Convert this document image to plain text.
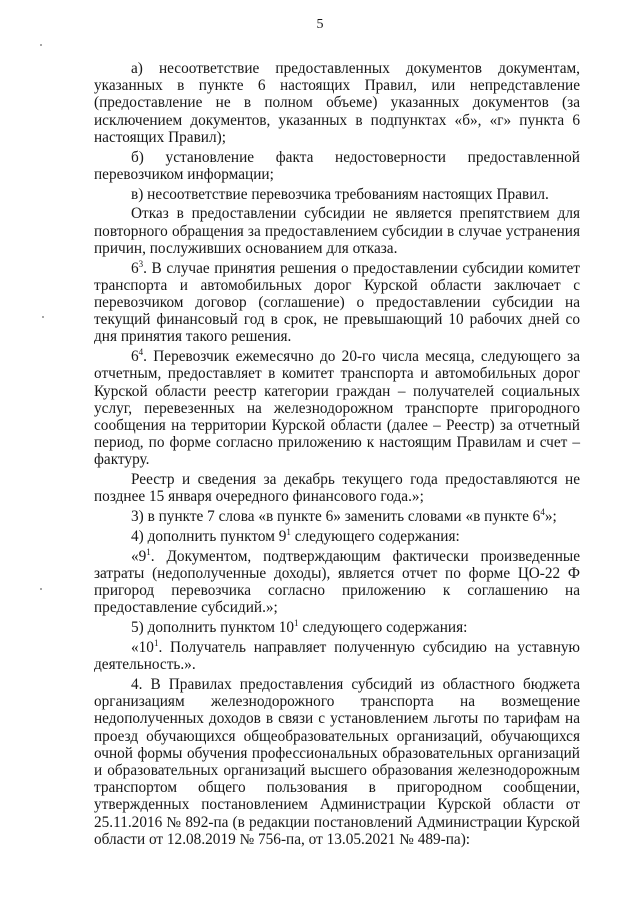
5

а) несоответствие предоставленных документов документам, указанных в пункте 6 настоящих Правил, или непредставление (предоставление не в полном объеме) указанных документов (за исключением документов, указанных в подпунктах «б», «г» пункта 6 настоящих Правил);

б) установление факта недостоверности предоставленной перевозчиком информации;

в) несоответствие перевозчика требованиям настоящих Правил.

Отказ в предоставлении субсидии не является препятствием для повторного обращения за предоставлением субсидии в случае устранения причин, послуживших основанием для отказа.

$6^3$. В случае принятия решения о предоставлении субсидии комитет транспорта и автомобильных дорог Курской области заключает с перевозчиком договор (соглашение) о предоставлении субсидии на текущий финансовый год в срок, не превышающий 10 рабочих дней со дня принятия такого решения.

$6^4$. Перевозчик ежемесячно до 20-го числа месяца, следующего за отчетным, предоставляет в комитет транспорта и автомобильных дорог Курской области реестр категории граждан – получателей социальных услуг, перевезенных на железнодорожном транспорте пригородного сообщения на территории Курской области (далее – Реестр) за отчетный период, по форме согласно приложению к настоящим Правилам и счет – фактуру.

Реестр и сведения за декабрь текущего года предоставляются не позднее 15 января очередного финансового года.»;

3) в пункте 7 слова «в пункте 6» заменить словами «в пункте $6^4$»;

4) дополнить пунктом $9^1$ следующего содержания:

«$9^1$. Документом, подтверждающим фактически произведенные затраты (недополученные доходы), является отчет по форме ЦО-22 Ф пригород перевозчика согласно приложению к соглашению на предоставление субсидий.»;

5) дополнить пунктом $10^1$ следующего содержания:

«$10^1$. Получатель направляет полученную субсидию на уставную деятельность.».

4. В Правилах предоставления субсидий из областного бюджета организациям железнодорожного транспорта на возмещение недополученных доходов в связи с установлением льготы по тарифам на проезд обучающихся общеобразовательных организаций, обучающихся очной формы обучения профессиональных образовательных организаций и образовательных организаций высшего образования железнодорожным транспортом общего пользования в пригородном сообщении, утвержденных постановлением Администрации Курской области от 25.11.2016 № 892-па (в редакции постановлений Администрации Курской области от 12.08.2019 № 756-па, от 13.05.2021 № 489-па):
